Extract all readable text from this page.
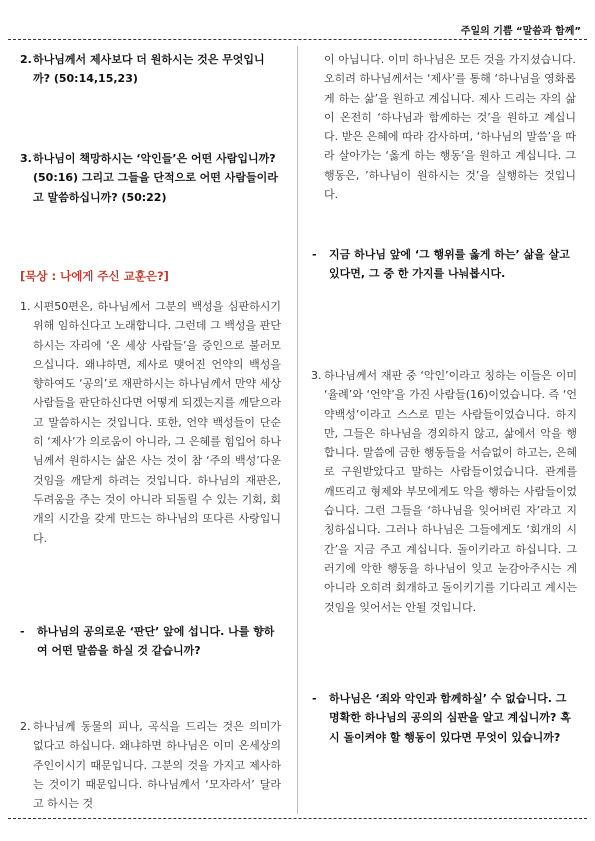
주일의 기쁨 “말씀과 함께”
2. 하나님께서 제사보다 더 원하시는 것은 무엇입니까? (50:14,15,23)
3. 하나님이 책망하시는 ‘악인들’은 어떤 사람입니까? (50:16) 그리고 그들을 단적으로 어떤 사람들이라고 말씀하십니까? (50:22)
[묵상 : 나에게 주신 교훈은?]
1. 시편50편은, 하나님께서 그분의 백성을 심판하시기 위해 임하신다고 노래합니다. 그런데 그 백성을 판단하시는 자리에 ‘온 세상 사람들’을 증인으로 불러모으십니다. 왜냐하면, 제사로 맺어진 언약의 백성을 향하여도 ‘공의’로 재판하시는 하나님께서 만약 세상 사람들을 판단하신다면 어떻게 되겠는지를 깨닫으라고 말씀하시는 것입니다. 또한, 언약 백성들이 단순히 ‘제사’가 의로움이 아니라, 그 은혜를 힘입어 하나님께서 원하시는 삶은 사는 것이 참 ‘주의 백성’다운 것임을 깨닫게 하려는 것입니다. 하나님의 재판은, 두려움을 주는 것이 아니라 되돌릴 수 있는 기회, 회개의 시간을 갖게 만드는 하나님의 또다른 사랑입니다.
-	하나님의 공의로운 ‘판단’ 앞에 섭니다. 나를 향하여 어떤 말씀을 하실 것 같습니까?
2. 하나님께 동물의 피나, 곡식을 드리는 것은 의미가 없다고 하십니다. 왜냐하면 하나님은 이미 온세상의 주인이시기 때문입니다. 그분의 것을 가지고 제사하는 것이기 때문입니다. 하나님께서 ‘모자라서’ 달라고 하시는 것
이 아닙니다. 이미 하나님은 모든 것을 가지셨습니다. 오히려 하나님께서는 ‘제사’를 통해 ‘하나님을 영화롭게 하는 삶’을 원하고 계십니다. 제사 드리는 자의 삶이 온전히 ‘하나님과 함께하는 것’을 원하고 계십니다. 받은 은혜에 따라 감사하며, ‘하나님의 말씀’을 따라 살아가는 ‘옳게 하는 행동’을 원하고 계십니다. 그 행동은, ’하나님이 원하시는 것’을 실행하는 것입니다.
-	지금 하나님 앞에 ‘그 행위를 옳게 하는’ 삶을 살고 있다면, 그 중 한 가지를 나눠봅시다.
3. 하나님께서 재판 중 ‘악인’이라고 칭하는 이들은 이미 ‘율례’와 ‘언약’을 가진 사람들(16)이었습니다. 즉 ‘언약백성’이라고 스스로 믿는 사람들이었습니다. 하지만, 그들은 하나님을 경외하지 않고, 삶에서 악을 행합니다. 말씀에 금한 행동들을 서슴없이 하고는, 은혜로 구원받았다고 말하는 사람들이었습니다. 관계를 깨뜨리고 형제와 부모에게도 악을 행하는 사람들이었습니다. 그런 그들을 ‘하나님을 잊어버린 자’라고 지칭하십니다. 그러나 하나님은 그들에게도 ‘회개의 시간’을 지금 주고 계십니다. 돌이키라고 하십니다. 그러기에 악한 행동을 하나님이 잊고 눈감아주시는 게 아니라 오히려 회개하고 돌이키기를 기다리고 계시는 것임을 잊어서는 안될 것입니다.
-	하나님은 ‘죄와 악인과 함께하실’ 수 없습니다. 그 명확한 하나님의 공의의 심판을 알고 계십니까? 혹시 돌이켜야 할 행동이 있다면 무엇이 있습니까?
